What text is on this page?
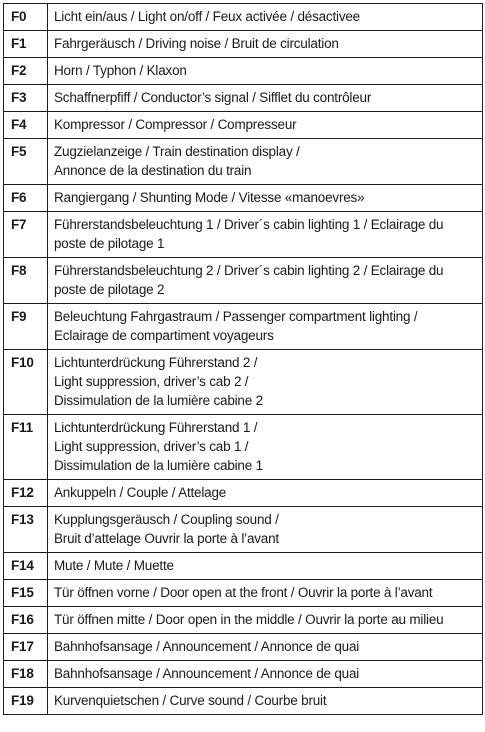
F0	Licht ein/aus / Light on/off / Feux activée / désactivee
F1	Fahrgeräusch / Driving noise / Bruit de circulation
F2	Horn / Typhon / Klaxon
F3	Schaffnerpfiff / Conductor’s signal / Sifflet du contrôleur
F4	Kompressor / Compressor / Compresseur
F5	Zugzielanzeige / Train destination display /
Annonce de la destination du train
F6	Rangiergang / Shunting Mode / Vitesse «manoevres»
F7	Führerstandsbeleuchtung 1 / Driver´s cabin lighting 1 / Eclairage du
poste de pilotage 1
F8	Führerstandsbeleuchtung 2 / Driver´s cabin lighting 2 / Eclairage du
poste de pilotage 2
F9	Beleuchtung Fahrgastraum / Passenger compartment lighting /
Eclairage de compartiment voyageurs
F10	Lichtunterdrückung Führerstand 2 /
Light suppression, driver’s cab 2 /
Dissimulation de la lumière cabine 2
F11	Lichtunterdrückung Führerstand 1 /
Light suppression, driver’s cab 1 /
Dissimulation de la lumière cabine 1
F12	Ankuppeln / Couple / Attelage
F13	Kupplungsgeräusch / Coupling sound /
Bruit d’attelage Ouvrir la porte à l’avant
F14	Mute / Mute / Muette
F15	Tür öffnen vorne / Door open at the front / Ouvrir la porte à l’avant
F16	Tür öffnen mitte / Door open in the middle / Ouvrir la porte au milieu
F17	Bahnhofsansage / Announcement / Annonce de quai
F18	Bahnhofsansage / Announcement / Annonce de quai
F19	Kurvenquietschen / Curve sound / Courbe bruit
